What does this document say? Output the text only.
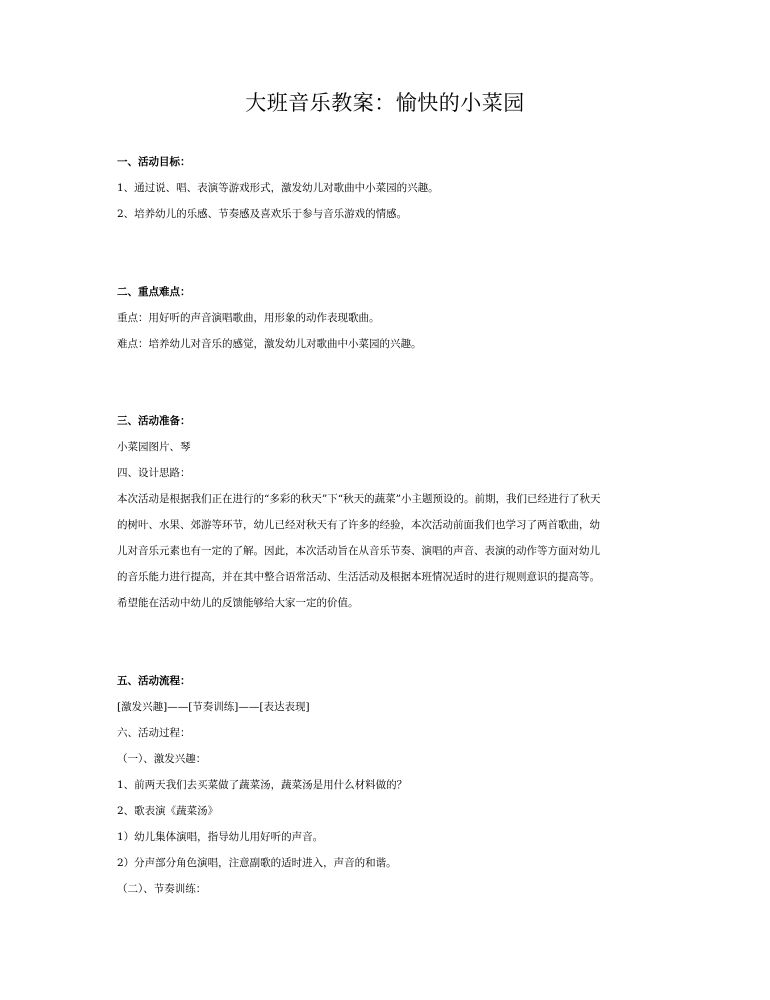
大班音乐教案：愉快的小菜园
一、活动目标：
1、通过说、唱、表演等游戏形式，激发幼儿对歌曲中小菜园的兴趣。
2、培养幼儿的乐感、节奏感及喜欢乐于参与音乐游戏的情感。
二、重点难点：
重点：用好听的声音演唱歌曲，用形象的动作表现歌曲。
难点：培养幼儿对音乐的感觉，激发幼儿对歌曲中小菜园的兴趣。
三、活动准备：
小菜园图片、琴
四、设计思路：
本次活动是根据我们正在进行的“多彩的秋天”下“秋天的蔬菜”小主题预设的。前期，我们已经进行了秋天
的树叶、水果、郊游等环节，幼儿已经对秋天有了许多的经验，本次活动前面我们也学习了两首歌曲，幼
儿对音乐元素也有一定的了解。因此，本次活动旨在从音乐节奏、演唱的声音、表演的动作等方面对幼儿
的音乐能力进行提高，并在其中整合语常活动、生活活动及根据本班情况适时的进行规则意识的提高等。
希望能在活动中幼儿的反馈能够给大家一定的价值。
五、活动流程：
[激发兴趣]——[节奏训练]——[表达表现]
六、活动过程：
（一）、激发兴趣：
1、前两天我们去买菜做了蔬菜汤，蔬菜汤是用什么材料做的？
2、歌表演《蔬菜汤》
1）幼儿集体演唱，指导幼儿用好听的声音。
2）分声部分角色演唱，注意副歌的适时进入，声音的和谐。
（二）、节奏训练：
